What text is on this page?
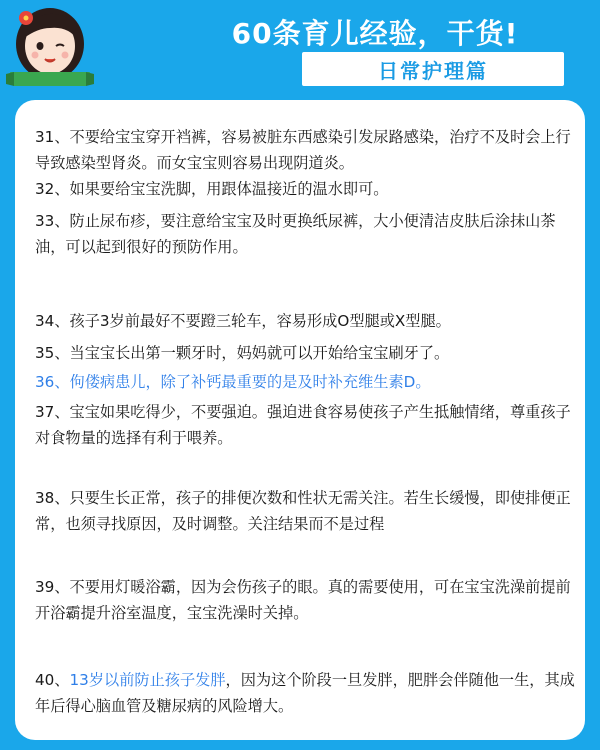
60条育儿经验，干货!
日常护理篇

31、不要给宝宝穿开裆裤，容易被脏东西感染引发尿路感染，治疗不及时会上行导致感染型肾炎。而女宝宝则容易出现阴道炎。

32、如果要给宝宝洗脚，用跟体温接近的温水即可。

33、防止尿布疹，要注意给宝宝及时更换纸尿裤，大小便清洁皮肤后涂抹山茶油，可以起到很好的预防作用。

34、孩子3岁前最好不要蹬三轮车，容易形成O型腿或X型腿。

35、当宝宝长出第一颗牙时，妈妈就可以开始给宝宝刷牙了。

36、佝偻病患儿，除了补钙最重要的是及时补充维生素D。

37、宝宝如果吃得少，不要强迫。强迫进食容易使孩子产生抵触情绪，尊重孩子对食物量的选择有利于喂养。

38、只要生长正常，孩子的排便次数和性状无需关注。若生长缓慢，即使排便正常，也须寻找原因，及时调整。关注结果而不是过程

39、不要用灯暖浴霸，因为会伤孩子的眼。真的需要使用，可在宝宝洗澡前提前开浴霸提升浴室温度，宝宝洗澡时关掉。

40、13岁以前防止孩子发胖，因为这个阶段一旦发胖，肥胖会伴随他一生，其成年后得心脑血管及糖尿病的风险增大。
